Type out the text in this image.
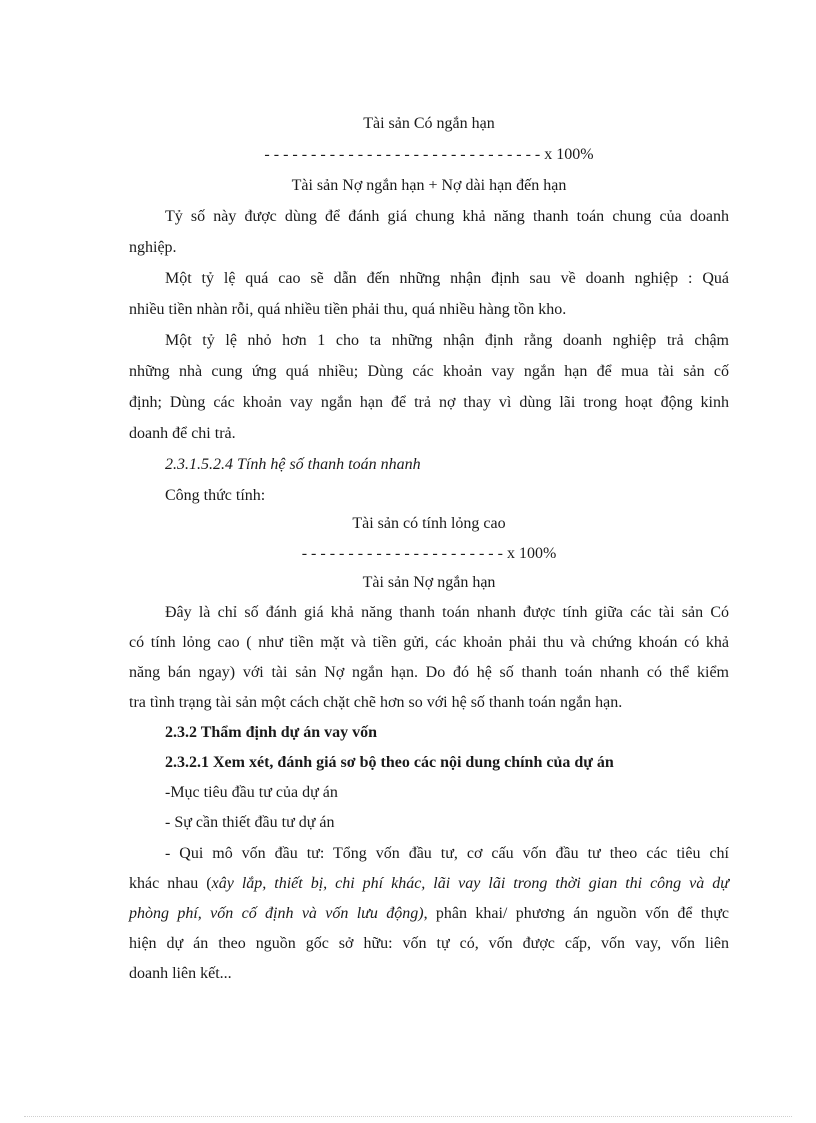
Tài sản Có ngắn hạn
- - - - - - - - - - - - - - - - - - - - - - - - - - - - - - x 100%
Tài sản Nợ ngắn hạn + Nợ dài hạn đến hạn
Tỷ số này được dùng để đánh giá chung khả năng thanh toán chung của doanh
nghiệp.
Một tỷ lệ quá cao sẽ dẫn đến những nhận định sau về doanh nghiệp : Quá
nhiều tiền nhàn rỗi, quá nhiều tiền phải thu, quá nhiều hàng tồn kho.
Một tỷ lệ nhỏ hơn 1 cho ta những nhận định rằng doanh nghiệp trả chậm
những nhà cung ứng quá nhiều; Dùng các khoản vay ngắn hạn để mua tài sản cố
định; Dùng các khoản vay ngắn hạn để trả nợ thay vì dùng lãi trong hoạt động kinh
doanh để chi trả.
2.3.1.5.2.4 Tính hệ số thanh toán nhanh
Công thức tính:
Tài sản có tính lỏng cao
- - - - - - - - - - - - - - - - - - - - - - x 100%
Tài sản Nợ ngắn hạn
Đây là chỉ số đánh giá khả năng thanh toán nhanh được tính giữa các tài sản Có
có tính lỏng cao ( như tiền mặt và tiền gửi, các khoản phải thu và chứng khoán có khả
năng bán ngay) với tài sản Nợ ngắn hạn. Do đó hệ số thanh toán nhanh có thể kiểm
tra tình trạng tài sản một cách chặt chẽ hơn so với hệ số thanh toán ngắn hạn.
2.3.2 Thẩm định dự án vay vốn
2.3.2.1 Xem xét, đánh giá sơ bộ theo các nội dung chính của dự án
-Mục tiêu đầu tư của dự án
- Sự cần thiết đầu tư dự án
- Qui mô vốn đầu tư: Tổng vốn đầu tư, cơ cấu vốn đầu tư theo các tiêu chí
khác nhau (xây lắp, thiết bị, chi phí khác, lãi vay lãi trong thời gian thi công và dự
phòng phí, vốn cố định và vốn lưu động), phân khai/ phương án nguồn vốn để thực
hiện dự án theo nguồn gốc sở hữu: vốn tự có, vốn được cấp, vốn vay, vốn liên
doanh liên kết...
